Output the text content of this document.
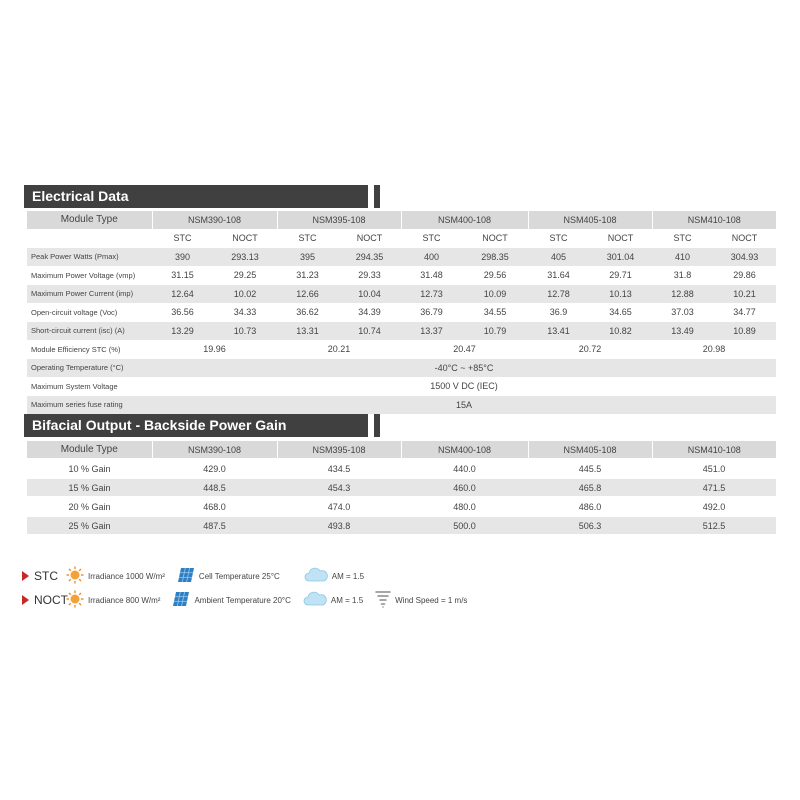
Electrical Data
Module Type	NSM390-108		NSM395-108		NSM400-108		NSM405-108		NSM410-108	
	STC	NOCT	STC	NOCT	STC	NOCT	STC	NOCT	STC	NOCT
Peak Power Watts (Pmax)	390	293.13	395	294.35	400	298.35	405	301.04	410	304.93
Maximum Power Voltage (vmp)	31.15	29.25	31.23	29.33	31.48	29.56	31.64	29.71	31.8	29.86
Maximum Power Current (imp)	12.64	10.02	12.66	10.04	12.73	10.09	12.78	10.13	12.88	10.21
Open-circuit voltage (Voc)	36.56	34.33	36.62	34.39	36.79	34.55	36.9	34.65	37.03	34.77
Short-circuit current (isc) (A)	13.29	10.73	13.31	10.74	13.37	10.79	13.41	10.82	13.49	10.89
Module Efficiency STC (%)	19.96		20.21		20.47		20.72		20.98	
Operating Temperature (°C)	-40°C ~ +85°C									
Maximum System Voltage	1500 V DC (IEC)									
Maximum series fuse rating	15A									
Bifacial Output - Backside Power Gain
Module Type	NSM390-108	NSM395-108	NSM400-108	NSM405-108	NSM410-108
10 % Gain	429.0	434.5	440.0	445.5	451.0
15 % Gain	448.5	454.3	460.0	465.8	471.5
20 % Gain	468.0	474.0	480.0	486.0	492.0
25 % Gain	487.5	493.8	500.0	506.3	512.5
STC	Irradiance 1000 W/m²	Cell Temperature 25°C	AM = 1.5
NOCT	Irradiance 800 W/m²	Ambient Temperature 20°C	AM = 1.5	Wind Speed = 1 m/s
